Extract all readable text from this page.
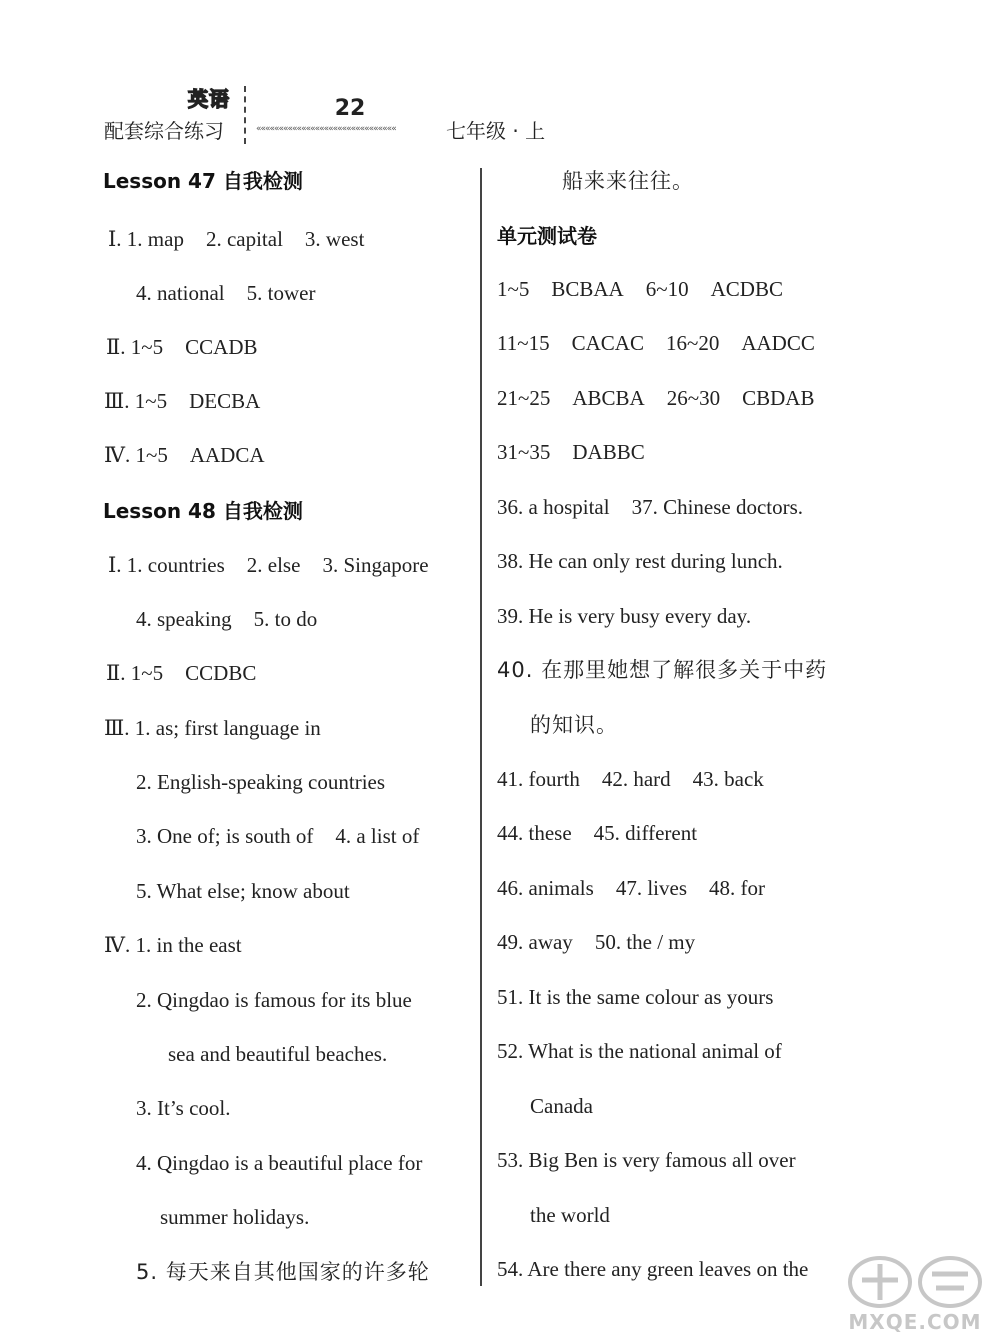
英语
配套综合练习
22
«««««««««««««««««««««««««««««««	七年级 · 上
Lesson 47 自我检测
Ⅰ. 1. map 2. capital 3. west
4. national 5. tower
Ⅱ. 1~5 CCADB
Ⅲ. 1~5 DECBA
Ⅳ. 1~5 AADCA
Lesson 48 自我检测
Ⅰ. 1. countries 2. else 3. Singapore
4. speaking 5. to do
Ⅱ. 1~5 CCDBC
Ⅲ. 1. as; first language in
2. English-speaking countries
3. One of; is south of 4. a list of
5. What else; know about
Ⅳ. 1. in the east
2. Qingdao is famous for its blue
sea and beautiful beaches.
3. It’s cool.
4. Qingdao is a beautiful place for
summer holidays.
5. 每天来自其他国家的许多轮
船来来往往。
单元测试卷
1~5 BCBAA 6~10 ACDBC
11~15 CACAC 16~20 AADCC
21~25 ABCBA 26~30 CBDAB
31~35 DABBC
36. a hospital 37. Chinese doctors.
38. He can only rest during lunch.
39. He is very busy every day.
40. 在那里她想了解很多关于中药
的知识。
41. fourth 42. hard 43. back
44. these 45. different
46. animals 47. lives 48. for
49. away 50. the / my
51. It is the same colour as yours
52. What is the national animal of
Canada
53. Big Ben is very famous all over
the world
54. Are there any green leaves on the
MXQE.COM
